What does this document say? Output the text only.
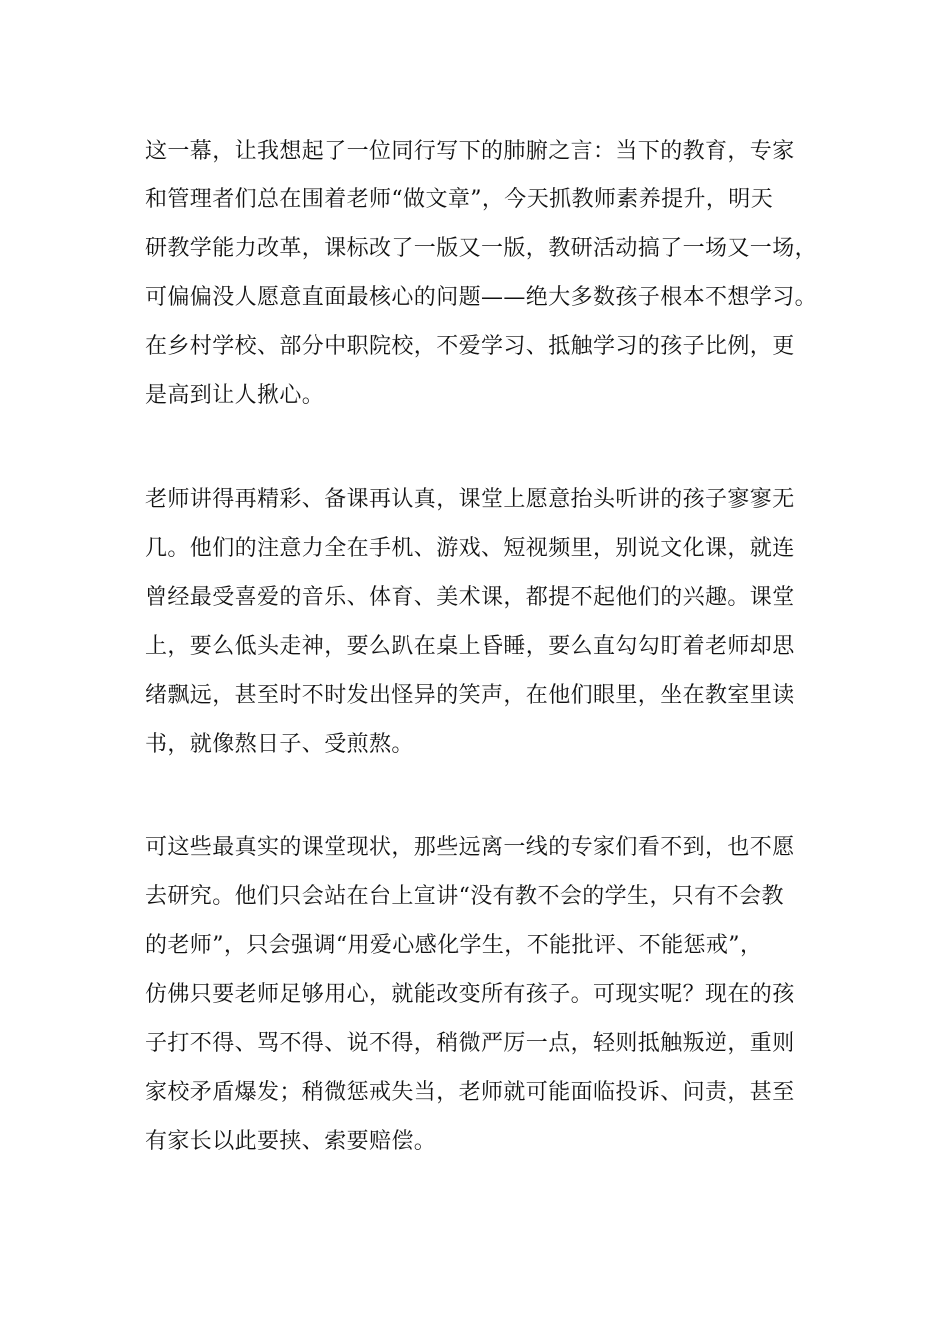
这一幕，让我想起了一位同行写下的肺腑之言：当下的教育，专家

和管理者们总在围着老师“做文章”，今天抓教师素养提升，明天

研教学能力改革，课标改了一版又一版，教研活动搞了一场又一场，

可偏偏没人愿意直面最核心的问题——绝大多数孩子根本不想学习。

在乡村学校、部分中职院校，不爱学习、抵触学习的孩子比例，更

是高到让人揪心。

老师讲得再精彩、备课再认真，课堂上愿意抬头听讲的孩子寥寥无

几。他们的注意力全在手机、游戏、短视频里，别说文化课，就连

曾经最受喜爱的音乐、体育、美术课，都提不起他们的兴趣。课堂

上，要么低头走神，要么趴在桌上昏睡，要么直勾勾盯着老师却思

绪飘远，甚至时不时发出怪异的笑声，在他们眼里，坐在教室里读

书，就像熬日子、受煎熬。

可这些最真实的课堂现状，那些远离一线的专家们看不到，也不愿

去研究。他们只会站在台上宣讲“没有教不会的学生，只有不会教

的老师”，只会强调“用爱心感化学生，不能批评、不能惩戒”，

仿佛只要老师足够用心，就能改变所有孩子。可现实呢？现在的孩

子打不得、骂不得、说不得，稍微严厉一点，轻则抵触叛逆，重则

家校矛盾爆发；稍微惩戒失当，老师就可能面临投诉、问责，甚至

有家长以此要挟、索要赔偿。
